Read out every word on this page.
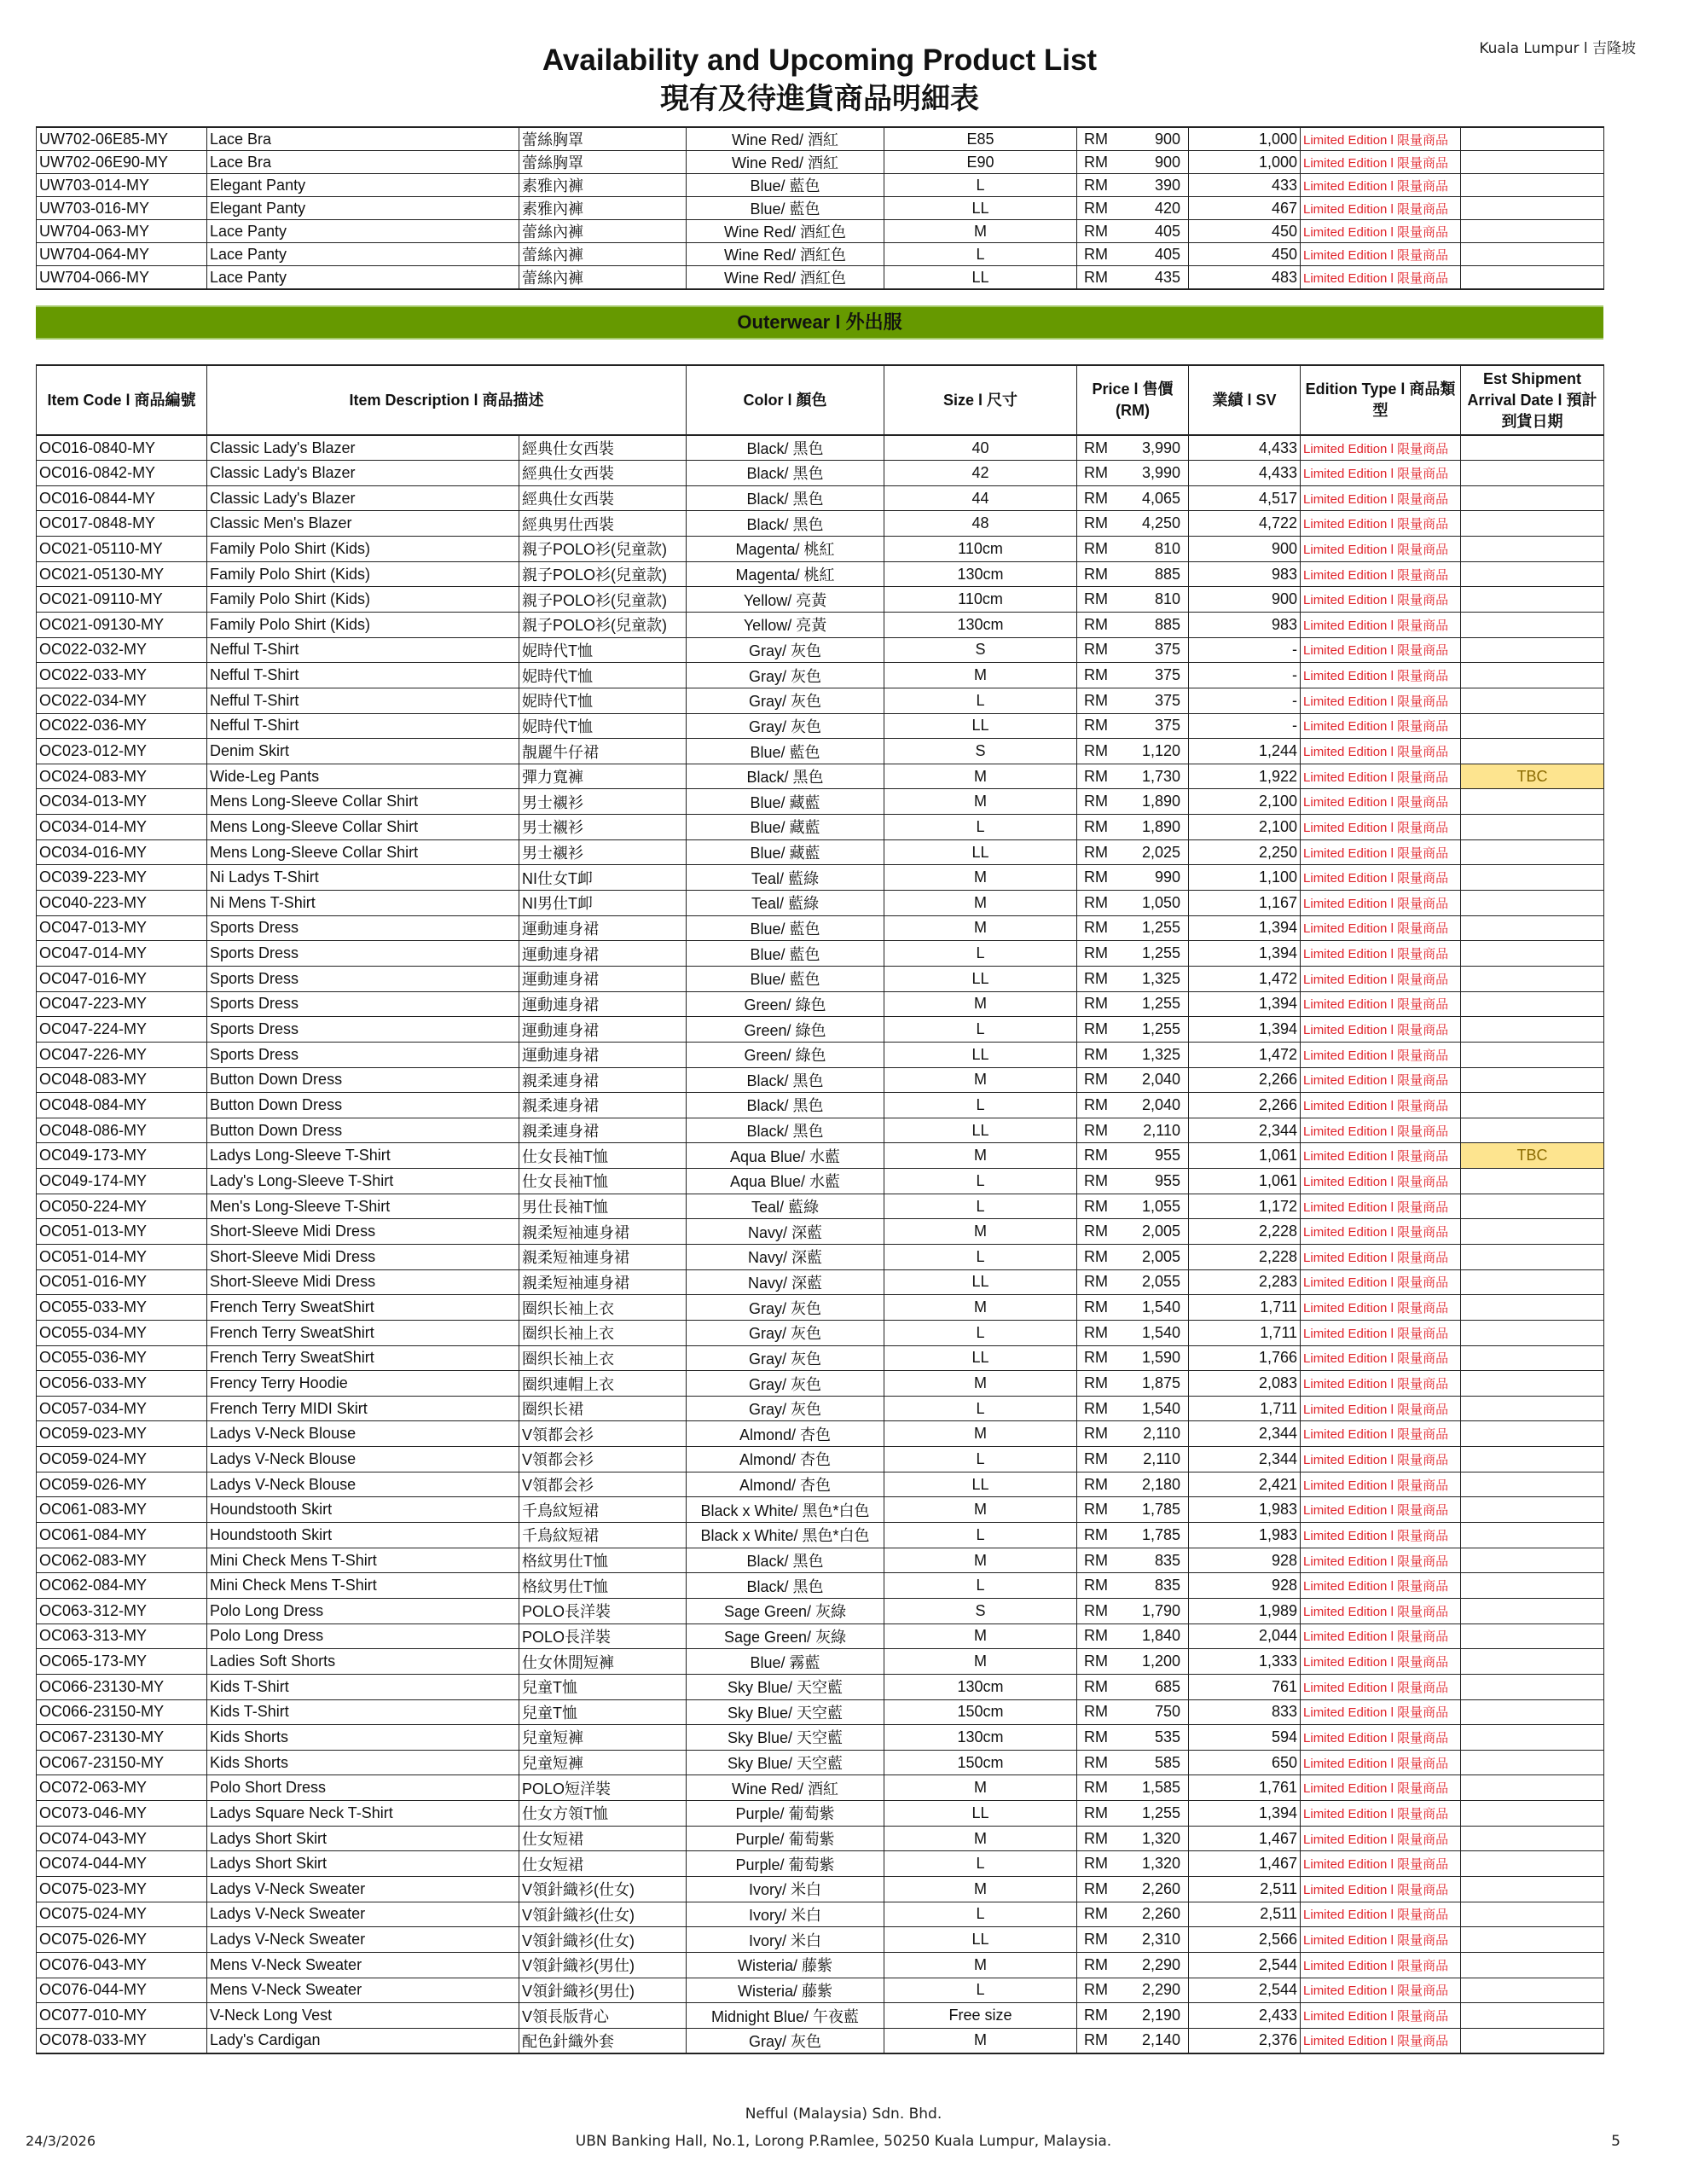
Kuala Lumpur l 吉隆坡
Availability and Upcoming Product List
現有及待進貨商品明細表
UW702-06E85-MY	Lace Bra	蕾絲胸罩	Wine Red/ 酒紅	E85	RM 900	1,000	Limited Edition l 限量商品	
UW702-06E90-MY	Lace Bra	蕾絲胸罩	Wine Red/ 酒紅	E90	RM 900	1,000	Limited Edition l 限量商品	
UW703-014-MY	Elegant Panty	素雅內褲	Blue/ 藍色	L	RM 390	433	Limited Edition l 限量商品	
UW703-016-MY	Elegant Panty	素雅內褲	Blue/ 藍色	LL	RM 420	467	Limited Edition l 限量商品	
UW704-063-MY	Lace Panty	蕾絲內褲	Wine Red/ 酒紅色	M	RM 405	450	Limited Edition l 限量商品	
UW704-064-MY	Lace Panty	蕾絲內褲	Wine Red/ 酒紅色	L	RM 405	450	Limited Edition l 限量商品	
UW704-066-MY	Lace Panty	蕾絲內褲	Wine Red/ 酒紅色	LL	RM 435	483	Limited Edition l 限量商品	
Outerwear l 外出服
Item Code l 商品編號	Item Description l 商品描述		Color l 顏色	Size l 尺寸	Price l 售價 (RM)	業績 l SV	Edition Type l 商品類型	Est Shipment Arrival Date l 預計到貨日期
OC016-0840-MY	Classic Lady's Blazer	經典仕女西裝	Black/ 黑色	40	RM 3,990	4,433	Limited Edition l 限量商品	
OC016-0842-MY	Classic Lady's Blazer	經典仕女西裝	Black/ 黑色	42	RM 3,990	4,433	Limited Edition l 限量商品	
OC016-0844-MY	Classic Lady's Blazer	經典仕女西裝	Black/ 黑色	44	RM 4,065	4,517	Limited Edition l 限量商品	
OC017-0848-MY	Classic Men's Blazer	經典男仕西裝	Black/ 黑色	48	RM 4,250	4,722	Limited Edition l 限量商品	
OC021-05110-MY	Family Polo Shirt (Kids)	親子POLO衫(兒童款)	Magenta/ 桃紅	110cm	RM 810	900	Limited Edition l 限量商品	
OC021-05130-MY	Family Polo Shirt (Kids)	親子POLO衫(兒童款)	Magenta/ 桃紅	130cm	RM 885	983	Limited Edition l 限量商品	
OC021-09110-MY	Family Polo Shirt (Kids)	親子POLO衫(兒童款)	Yellow/ 亮黃	110cm	RM 810	900	Limited Edition l 限量商品	
OC021-09130-MY	Family Polo Shirt (Kids)	親子POLO衫(兒童款)	Yellow/ 亮黃	130cm	RM 885	983	Limited Edition l 限量商品	
OC022-032-MY	Nefful T-Shirt	妮時代T恤	Gray/ 灰色	S	RM 375	-	Limited Edition l 限量商品	
OC022-033-MY	Nefful T-Shirt	妮時代T恤	Gray/ 灰色	M	RM 375	-	Limited Edition l 限量商品	
OC022-034-MY	Nefful T-Shirt	妮時代T恤	Gray/ 灰色	L	RM 375	-	Limited Edition l 限量商品	
OC022-036-MY	Nefful T-Shirt	妮時代T恤	Gray/ 灰色	LL	RM 375	-	Limited Edition l 限量商品	
OC023-012-MY	Denim Skirt	靚麗牛仔裙	Blue/ 藍色	S	RM 1,120	1,244	Limited Edition l 限量商品	
OC024-083-MY	Wide-Leg Pants	彈力寬褲	Black/ 黑色	M	RM 1,730	1,922	Limited Edition l 限量商品	TBC
OC034-013-MY	Mens Long-Sleeve Collar Shirt	男士襯衫	Blue/ 藏藍	M	RM 1,890	2,100	Limited Edition l 限量商品	
OC034-014-MY	Mens Long-Sleeve Collar Shirt	男士襯衫	Blue/ 藏藍	L	RM 1,890	2,100	Limited Edition l 限量商品	
OC034-016-MY	Mens Long-Sleeve Collar Shirt	男士襯衫	Blue/ 藏藍	LL	RM 2,025	2,250	Limited Edition l 限量商品	
OC039-223-MY	Ni Ladys T-Shirt	NI仕女T卹	Teal/ 藍綠	M	RM 990	1,100	Limited Edition l 限量商品	
OC040-223-MY	Ni Mens T-Shirt	NI男仕T卹	Teal/ 藍綠	M	RM 1,050	1,167	Limited Edition l 限量商品	
OC047-013-MY	Sports Dress	運動連身裙	Blue/ 藍色	M	RM 1,255	1,394	Limited Edition l 限量商品	
OC047-014-MY	Sports Dress	運動連身裙	Blue/ 藍色	L	RM 1,255	1,394	Limited Edition l 限量商品	
OC047-016-MY	Sports Dress	運動連身裙	Blue/ 藍色	LL	RM 1,325	1,472	Limited Edition l 限量商品	
OC047-223-MY	Sports Dress	運動連身裙	Green/ 綠色	M	RM 1,255	1,394	Limited Edition l 限量商品	
OC047-224-MY	Sports Dress	運動連身裙	Green/ 綠色	L	RM 1,255	1,394	Limited Edition l 限量商品	
OC047-226-MY	Sports Dress	運動連身裙	Green/ 綠色	LL	RM 1,325	1,472	Limited Edition l 限量商品	
OC048-083-MY	Button Down Dress	親柔連身裙	Black/ 黑色	M	RM 2,040	2,266	Limited Edition l 限量商品	
OC048-084-MY	Button Down Dress	親柔連身裙	Black/ 黑色	L	RM 2,040	2,266	Limited Edition l 限量商品	
OC048-086-MY	Button Down Dress	親柔連身裙	Black/ 黑色	LL	RM 2,110	2,344	Limited Edition l 限量商品	
OC049-173-MY	Ladys Long-Sleeve T-Shirt	仕女長袖T恤	Aqua Blue/ 水藍	M	RM 955	1,061	Limited Edition l 限量商品	TBC
OC049-174-MY	Lady's Long-Sleeve T-Shirt	仕女長袖T恤	Aqua Blue/ 水藍	L	RM 955	1,061	Limited Edition l 限量商品	
OC050-224-MY	Men's Long-Sleeve T-Shirt	男仕長袖T恤	Teal/ 藍綠	L	RM 1,055	1,172	Limited Edition l 限量商品	
OC051-013-MY	Short-Sleeve Midi Dress	親柔短袖連身裙	Navy/ 深藍	M	RM 2,005	2,228	Limited Edition l 限量商品	
OC051-014-MY	Short-Sleeve Midi Dress	親柔短袖連身裙	Navy/ 深藍	L	RM 2,005	2,228	Limited Edition l 限量商品	
OC051-016-MY	Short-Sleeve Midi Dress	親柔短袖連身裙	Navy/ 深藍	LL	RM 2,055	2,283	Limited Edition l 限量商品	
OC055-033-MY	French Terry SweatShirt	圈织长袖上衣	Gray/ 灰色	M	RM 1,540	1,711	Limited Edition l 限量商品	
OC055-034-MY	French Terry SweatShirt	圈织长袖上衣	Gray/ 灰色	L	RM 1,540	1,711	Limited Edition l 限量商品	
OC055-036-MY	French Terry SweatShirt	圈织长袖上衣	Gray/ 灰色	LL	RM 1,590	1,766	Limited Edition l 限量商品	
OC056-033-MY	Frency Terry Hoodie	圈织連帽上衣	Gray/ 灰色	M	RM 1,875	2,083	Limited Edition l 限量商品	
OC057-034-MY	French Terry MIDI Skirt	圈织长裙	Gray/ 灰色	L	RM 1,540	1,711	Limited Edition l 限量商品	
OC059-023-MY	Ladys V-Neck Blouse	V領都会衫	Almond/ 杏色	M	RM 2,110	2,344	Limited Edition l 限量商品	
OC059-024-MY	Ladys V-Neck Blouse	V領都会衫	Almond/ 杏色	L	RM 2,110	2,344	Limited Edition l 限量商品	
OC059-026-MY	Ladys V-Neck Blouse	V領都会衫	Almond/ 杏色	LL	RM 2,180	2,421	Limited Edition l 限量商品	
OC061-083-MY	Houndstooth Skirt	千鳥紋短裙	Black x White/ 黑色*白色	M	RM 1,785	1,983	Limited Edition l 限量商品	
OC061-084-MY	Houndstooth Skirt	千鳥紋短裙	Black x White/ 黑色*白色	L	RM 1,785	1,983	Limited Edition l 限量商品	
OC062-083-MY	Mini Check Mens T-Shirt	格紋男仕T恤	Black/ 黑色	M	RM 835	928	Limited Edition l 限量商品	
OC062-084-MY	Mini Check Mens T-Shirt	格紋男仕T恤	Black/ 黑色	L	RM 835	928	Limited Edition l 限量商品	
OC063-312-MY	Polo Long Dress	POLO長洋裝	Sage Green/ 灰綠	S	RM 1,790	1,989	Limited Edition l 限量商品	
OC063-313-MY	Polo Long Dress	POLO長洋裝	Sage Green/ 灰綠	M	RM 1,840	2,044	Limited Edition l 限量商品	
OC065-173-MY	Ladies Soft Shorts	仕女休閒短褲	Blue/ 霧藍	M	RM 1,200	1,333	Limited Edition l 限量商品	
OC066-23130-MY	Kids T-Shirt	兒童T恤	Sky Blue/ 天空藍	130cm	RM 685	761	Limited Edition l 限量商品	
OC066-23150-MY	Kids T-Shirt	兒童T恤	Sky Blue/ 天空藍	150cm	RM 750	833	Limited Edition l 限量商品	
OC067-23130-MY	Kids Shorts	兒童短褲	Sky Blue/ 天空藍	130cm	RM 535	594	Limited Edition l 限量商品	
OC067-23150-MY	Kids Shorts	兒童短褲	Sky Blue/ 天空藍	150cm	RM 585	650	Limited Edition l 限量商品	
OC072-063-MY	Polo Short Dress	POLO短洋裝	Wine Red/ 酒紅	M	RM 1,585	1,761	Limited Edition l 限量商品	
OC073-046-MY	Ladys Square Neck T-Shirt	仕女方領T恤	Purple/ 葡萄紫	LL	RM 1,255	1,394	Limited Edition l 限量商品	
OC074-043-MY	Ladys Short Skirt	仕女短裙	Purple/ 葡萄紫	M	RM 1,320	1,467	Limited Edition l 限量商品	
OC074-044-MY	Ladys Short Skirt	仕女短裙	Purple/ 葡萄紫	L	RM 1,320	1,467	Limited Edition l 限量商品	
OC075-023-MY	Ladys V-Neck Sweater	V領針織衫(仕女)	Ivory/ 米白	M	RM 2,260	2,511	Limited Edition l 限量商品	
OC075-024-MY	Ladys V-Neck Sweater	V領針織衫(仕女)	Ivory/ 米白	L	RM 2,260	2,511	Limited Edition l 限量商品	
OC075-026-MY	Ladys V-Neck Sweater	V領針織衫(仕女)	Ivory/ 米白	LL	RM 2,310	2,566	Limited Edition l 限量商品	
OC076-043-MY	Mens V-Neck Sweater	V領針織衫(男仕)	Wisteria/ 藤紫	M	RM 2,290	2,544	Limited Edition l 限量商品	
OC076-044-MY	Mens V-Neck Sweater	V領針織衫(男仕)	Wisteria/ 藤紫	L	RM 2,290	2,544	Limited Edition l 限量商品	
OC077-010-MY	V-Neck Long Vest	V領長版背心	Midnight Blue/ 午夜藍	Free size	RM 2,190	2,433	Limited Edition l 限量商品	
OC078-033-MY	Lady's Cardigan	配色針織外套	Gray/ 灰色	M	RM 2,140	2,376	Limited Edition l 限量商品	
Nefful (Malaysia) Sdn. Bhd.
UBN Banking Hall, No.1, Lorong P.Ramlee, 50250 Kuala Lumpur, Malaysia.
24/3/2026	5
